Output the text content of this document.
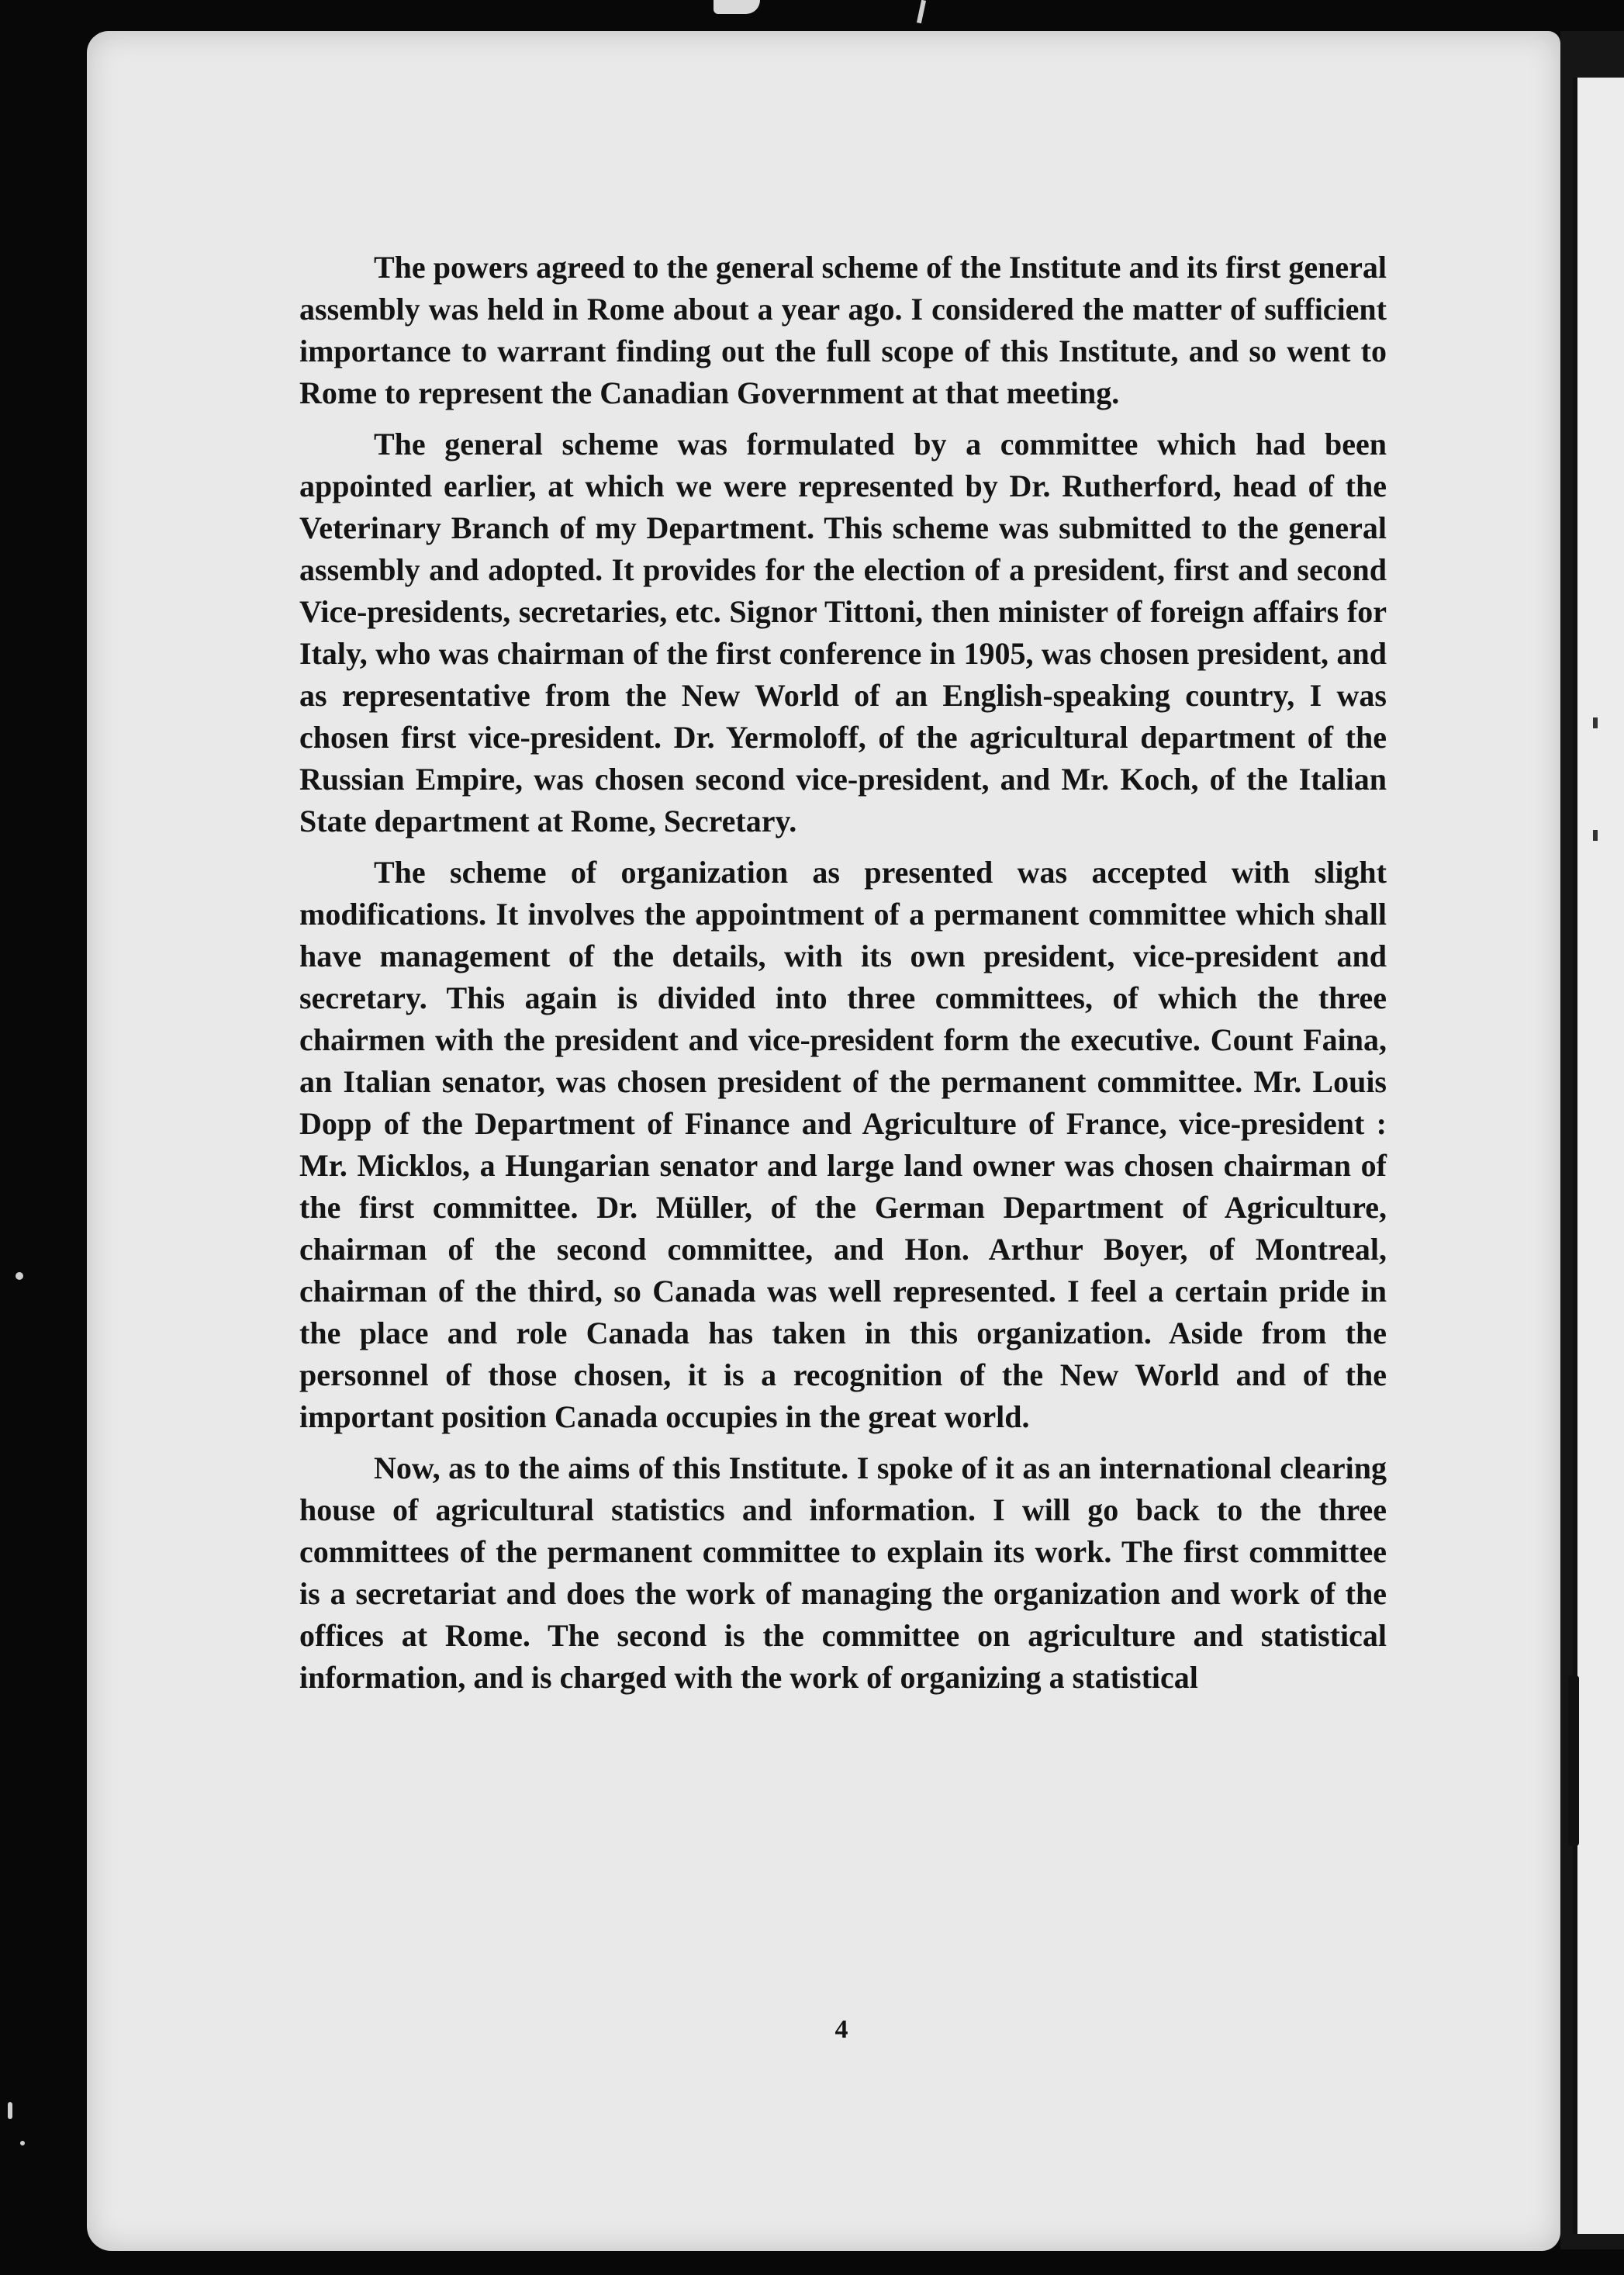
The powers agreed to the general scheme of the Institute and its first general assembly was held in Rome about a year ago. I considered the matter of sufficient importance to warrant finding out the full scope of this Institute, and so went to Rome to represent the Canadian Government at that meeting.

The general scheme was formulated by a committee which had been appointed earlier, at which we were represented by Dr. Rutherford, head of the Veterinary Branch of my Department. This scheme was submitted to the general assembly and adopted. It provides for the election of a president, first and second Vice-presidents, secretaries, etc. Signor Tittoni, then minister of foreign affairs for Italy, who was chairman of the first conference in 1905, was chosen president, and as representative from the New World of an English-speaking country, I was chosen first vice-president. Dr. Yermoloff, of the agricultural department of the Russian Empire, was chosen second vice-president, and Mr. Koch, of the Italian State department at Rome, Secretary.

The scheme of organization as presented was accepted with slight modifications. It involves the appointment of a permanent committee which shall have management of the details, with its own president, vice-president and secretary. This again is divided into three committees, of which the three chairmen with the president and vice-president form the executive. Count Faina, an Italian senator, was chosen president of the permanent committee. Mr. Louis Dopp of the Department of Finance and Agriculture of France, vice-president : Mr. Micklos, a Hungarian senator and large land owner was chosen chairman of the first committee. Dr. Müller, of the German Department of Agriculture, chairman of the second committee, and Hon. Arthur Boyer, of Montreal, chairman of the third, so Canada was well represented. I feel a certain pride in the place and role Canada has taken in this organization. Aside from the personnel of those chosen, it is a recognition of the New World and of the important position Canada occupies in the great world.

Now, as to the aims of this Institute. I spoke of it as an international clearing house of agricultural statistics and information. I will go back to the three committees of the permanent committee to explain its work. The first committee is a secretariat and does the work of managing the organization and work of the offices at Rome. The second is the committee on agriculture and statistical information, and is charged with the work of organizing a statistical

4
